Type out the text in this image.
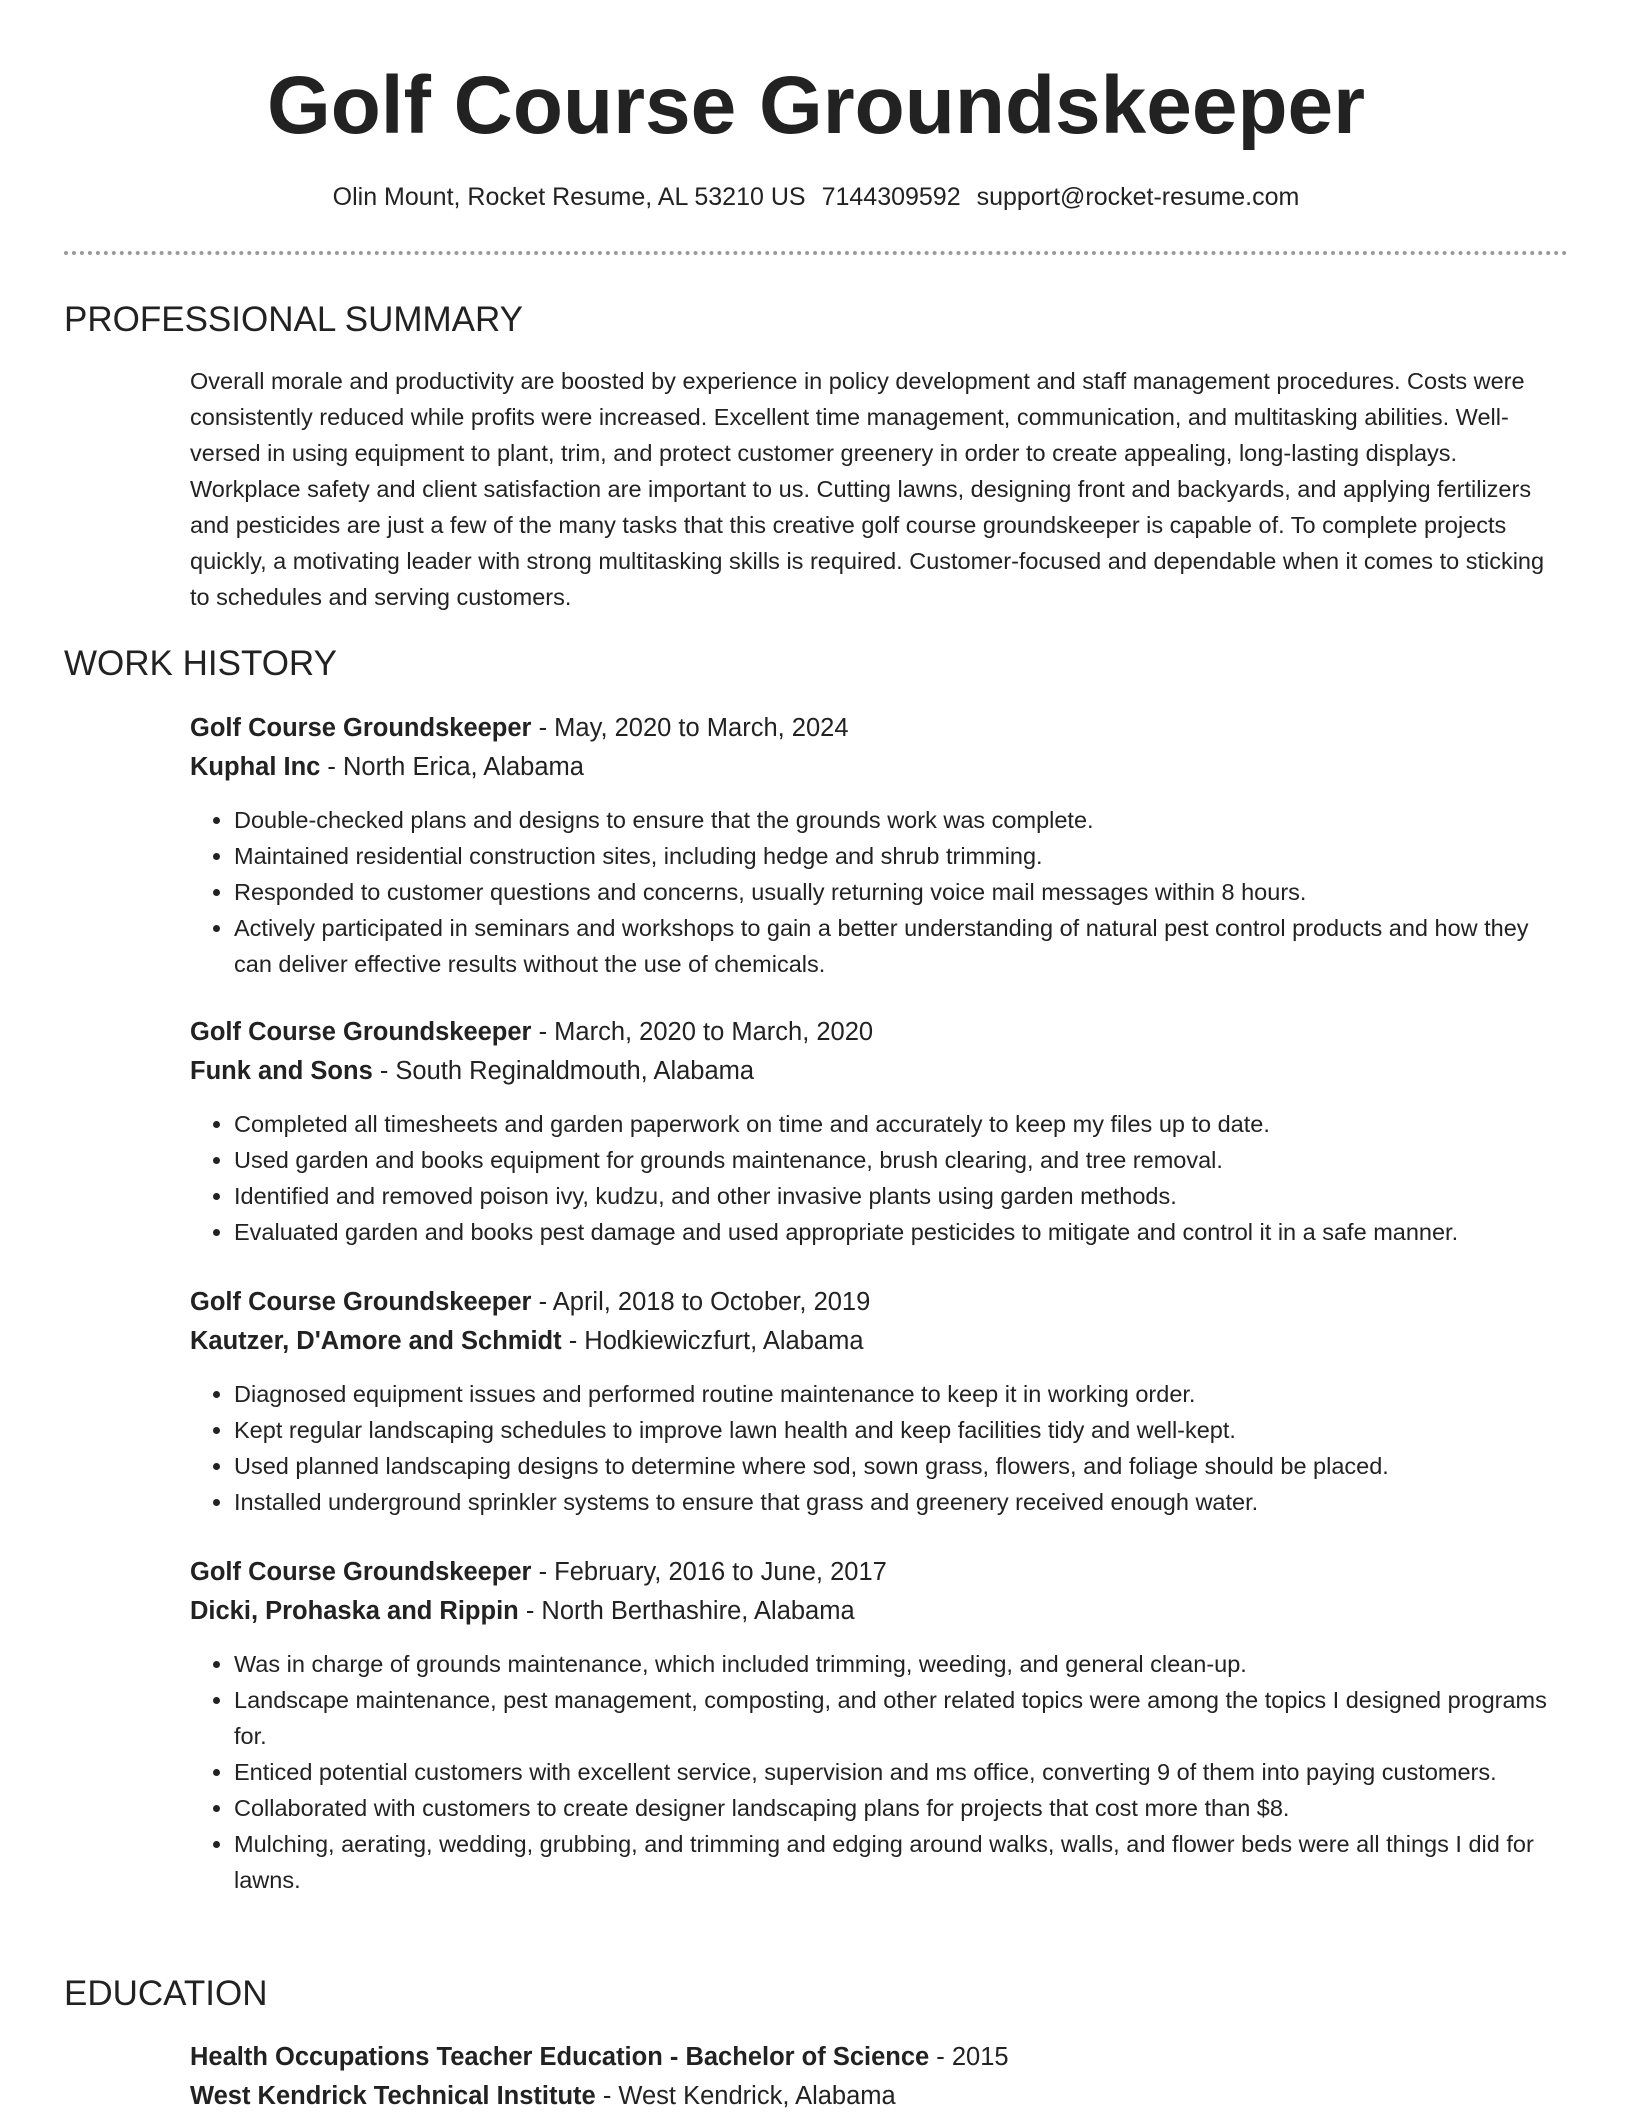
Golf Course Groundskeeper
Olin Mount, Rocket Resume, AL 53210 US 7144309592 support@rocket-resume.com
PROFESSIONAL SUMMARY

Overall morale and productivity are boosted by experience in policy development and staff management procedures. Costs were consistently reduced while profits were increased. Excellent time management, communication, and multitasking abilities. Well-versed in using equipment to plant, trim, and protect customer greenery in order to create appealing, long-lasting displays. Workplace safety and client satisfaction are important to us. Cutting lawns, designing front and backyards, and applying fertilizers and pesticides are just a few of the many tasks that this creative golf course groundskeeper is capable of. To complete projects quickly, a motivating leader with strong multitasking skills is required. Customer-focused and dependable when it comes to sticking to schedules and serving customers.

WORK HISTORY
Golf Course Groundskeeper - May, 2020 to March, 2024
Kuphal Inc - North Erica, Alabama
• Double-checked plans and designs to ensure that the grounds work was complete.
• Maintained residential construction sites, including hedge and shrub trimming.
• Responded to customer questions and concerns, usually returning voice mail messages within 8 hours.
• Actively participated in seminars and workshops to gain a better understanding of natural pest control products and how they can deliver effective results without the use of chemicals.
Golf Course Groundskeeper - March, 2020 to March, 2020
Funk and Sons - South Reginaldmouth, Alabama
• Completed all timesheets and garden paperwork on time and accurately to keep my files up to date.
• Used garden and books equipment for grounds maintenance, brush clearing, and tree removal.
• Identified and removed poison ivy, kudzu, and other invasive plants using garden methods.
• Evaluated garden and books pest damage and used appropriate pesticides to mitigate and control it in a safe manner.
Golf Course Groundskeeper - April, 2018 to October, 2019
Kautzer, D'Amore and Schmidt - Hodkiewiczfurt, Alabama
• Diagnosed equipment issues and performed routine maintenance to keep it in working order.
• Kept regular landscaping schedules to improve lawn health and keep facilities tidy and well-kept.
• Used planned landscaping designs to determine where sod, sown grass, flowers, and foliage should be placed.
• Installed underground sprinkler systems to ensure that grass and greenery received enough water.
Golf Course Groundskeeper - February, 2016 to June, 2017
Dicki, Prohaska and Rippin - North Berthashire, Alabama
• Was in charge of grounds maintenance, which included trimming, weeding, and general clean-up.
• Landscape maintenance, pest management, composting, and other related topics were among the topics I designed programs for.
• Enticed potential customers with excellent service, supervision and ms office, converting 9 of them into paying customers.
• Collaborated with customers to create designer landscaping plans for projects that cost more than $8.
• Mulching, aerating, wedding, grubbing, and trimming and edging around walks, walls, and flower beds were all things I did for lawns.
EDUCATION
Health Occupations Teacher Education - Bachelor of Science - 2015
West Kendrick Technical Institute - West Kendrick, Alabama
